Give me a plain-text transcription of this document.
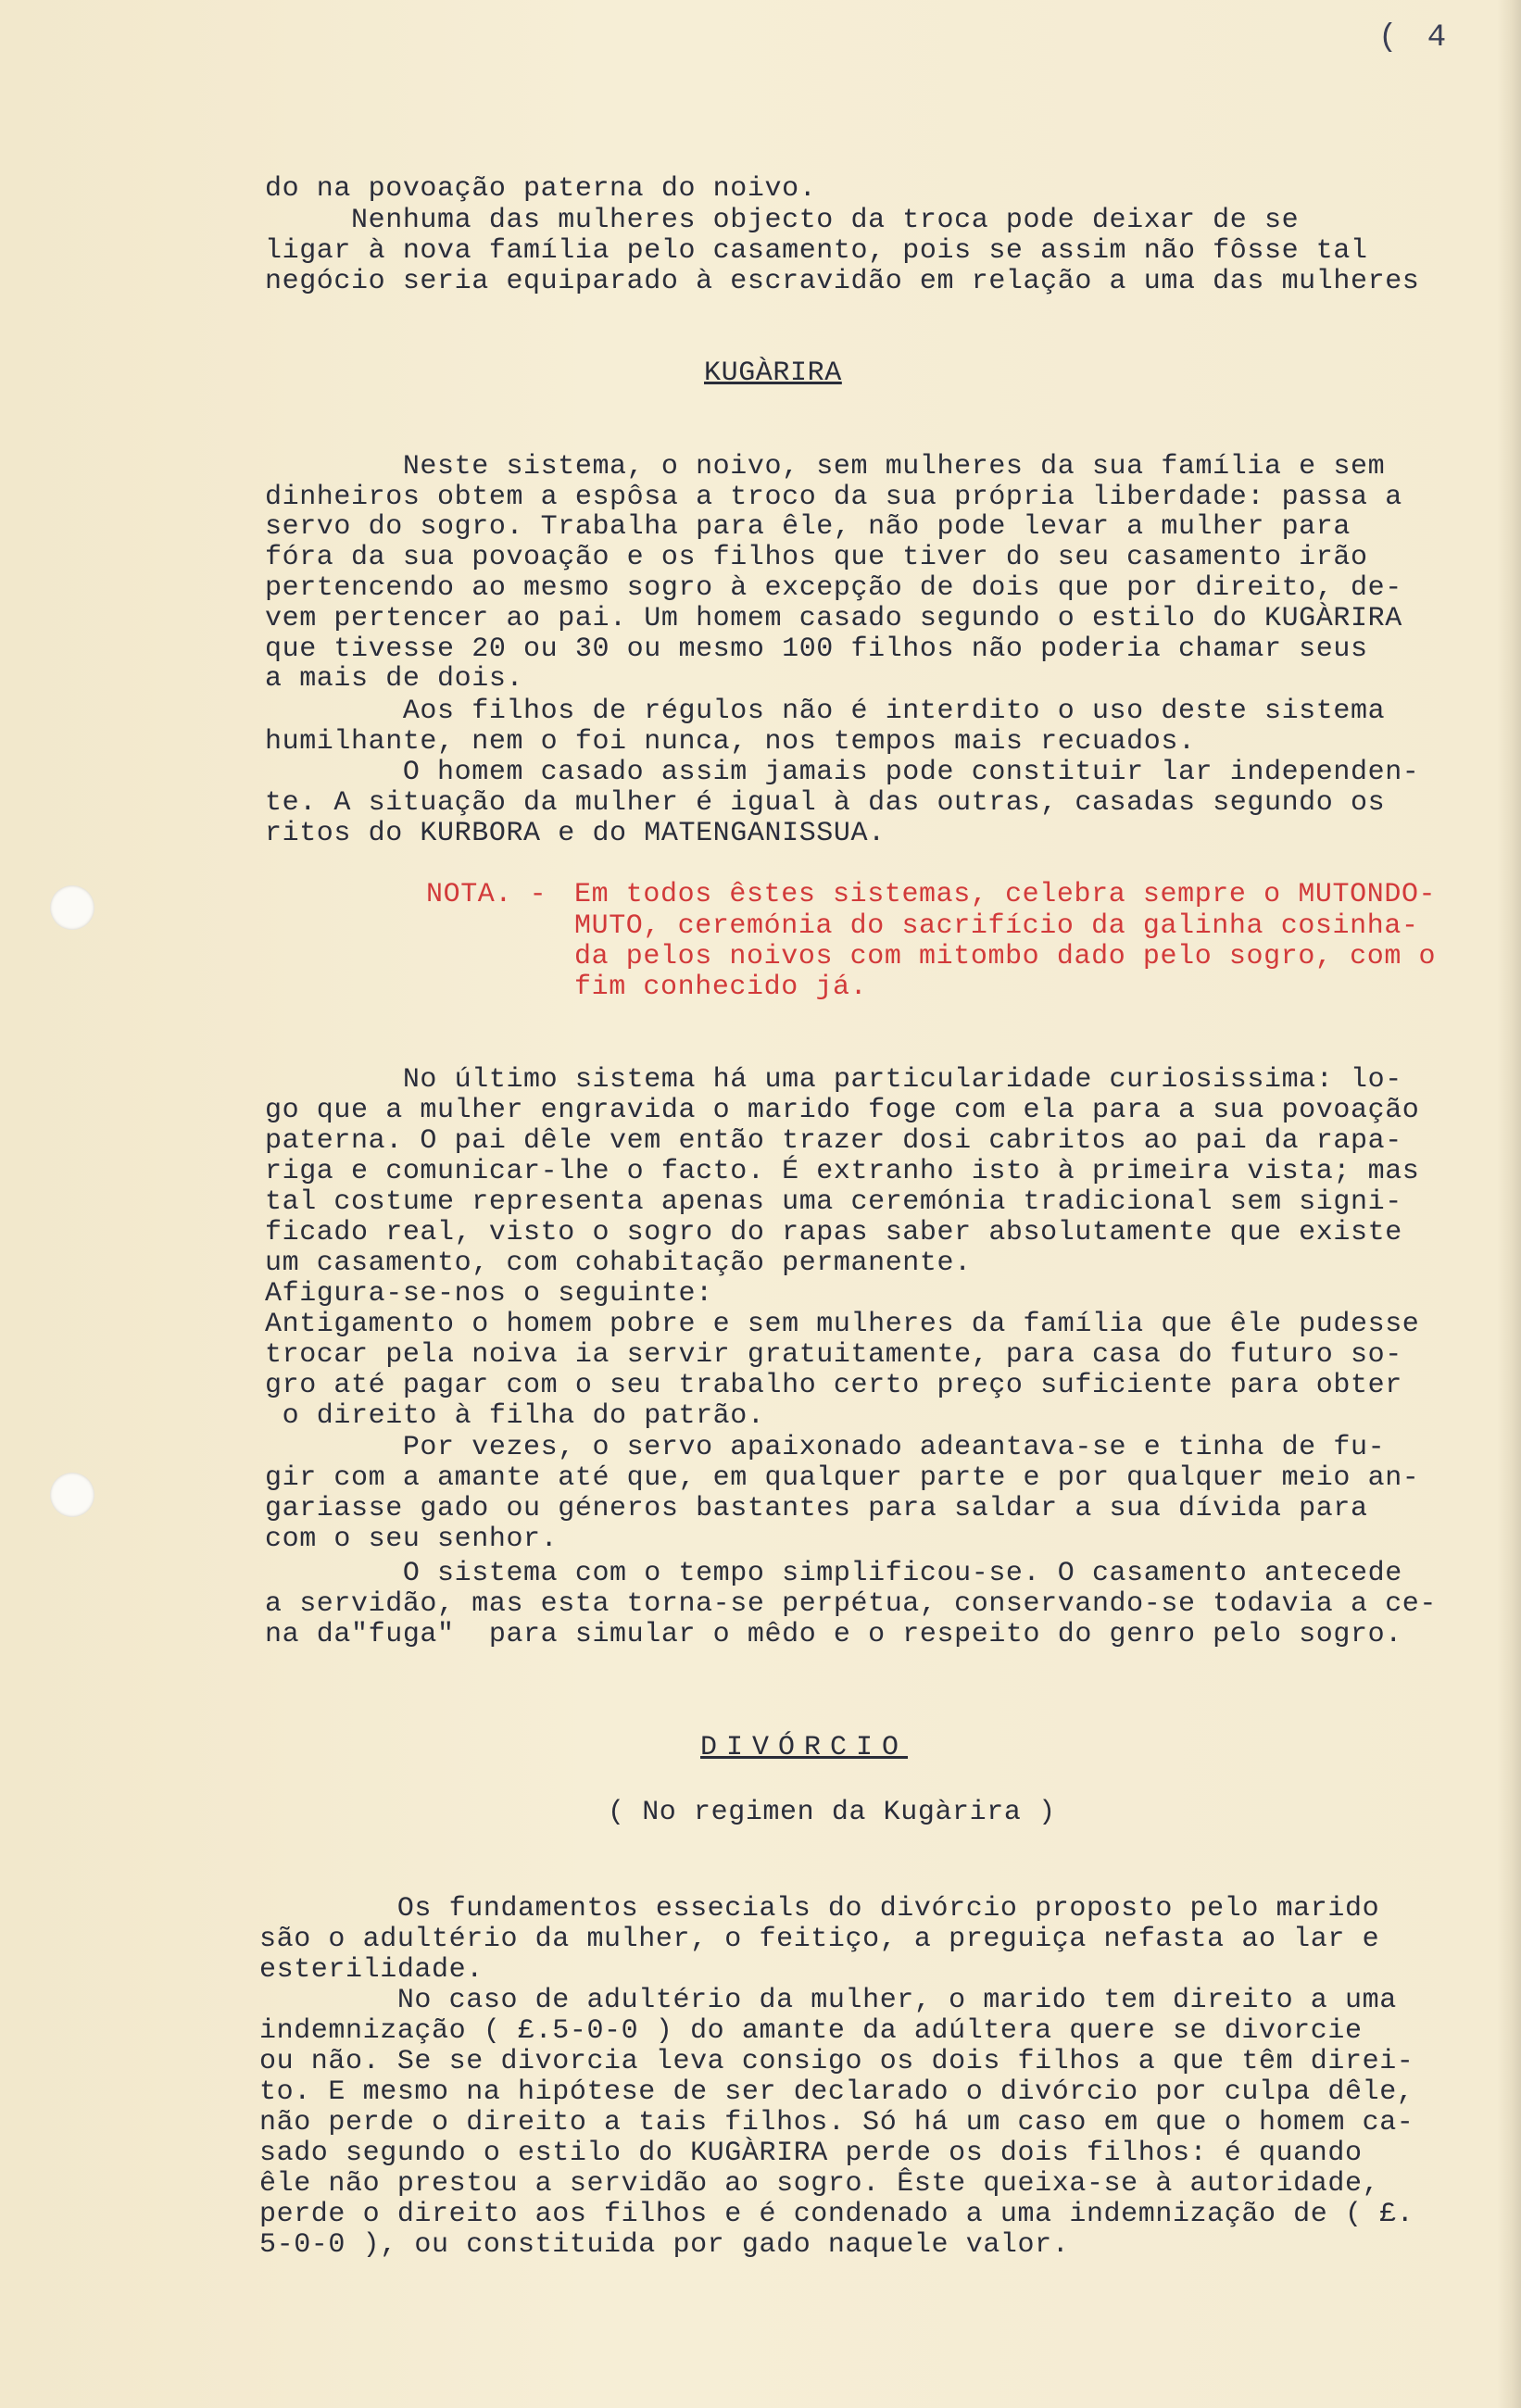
( 4
do na povoação paterna do noivo.
Nenhuma das mulheres objecto da troca pode deixar de se
ligar à nova família pelo casamento, pois se assim não fôsse tal
negócio seria equiparado à escravidão em relação a uma das mulheres
KUGÀRIRA
Neste sistema, o noivo, sem mulheres da sua família e sem
dinheiros obtem a espôsa a troco da sua própria liberdade: passa a
servo do sogro. Trabalha para êle, não pode levar a mulher para
fóra da sua povoação e os filhos que tiver do seu casamento irão
pertencendo ao mesmo sogro à excepção de dois que por direito, de-
vem pertencer ao pai. Um homem casado segundo o estilo do KUGÀRIRA
que tivesse 20 ou 30 ou mesmo 100 filhos não poderia chamar seus
a mais de dois.
Aos filhos de régulos não é interdito o uso deste sistema
humilhante, nem o foi nunca, nos tempos mais recuados.
O homem casado assim jamais pode constituir lar independen-
te. A situação da mulher é igual à das outras, casadas segundo os
ritos do KURBORA e do MATENGANISSUA.
NOTA. - Em todos êstes sistemas, celebra sempre o MUTONDO-
MUTO, ceremónia do sacrifício da galinha cosinha-
da pelos noivos com mitombo dado pelo sogro, com o
fim conhecido já.
No último sistema há uma particularidade curiosissima: lo-
go que a mulher engravida o marido foge com ela para a sua povoação
paterna. O pai dêle vem então trazer dosi cabritos ao pai da rapa-
riga e comunicar-lhe o facto. É extranho isto à primeira vista; mas
tal costume representa apenas uma ceremónia tradicional sem signi-
ficado real, visto o sogro do rapas saber absolutamente que existe
um casamento, com cohabitação permanente.
Afigura-se-nos o seguinte:
Antigamento o homem pobre e sem mulheres da família que êle pudesse
trocar pela noiva ia servir gratuitamente, para casa do futuro so-
gro até pagar com o seu trabalho certo preço suficiente para obter
o direito à filha do patrão.
Por vezes, o servo apaixonado adeantava-se e tinha de fu-
gir com a amante até que, em qualquer parte e por qualquer meio an-
gariasse gado ou géneros bastantes para saldar a sua dívida para
com o seu senhor.
O sistema com o tempo simplificou-se. O casamento antecede
a servidão, mas esta torna-se perpétua, conservando-se todavia a ce-
na da"fuga"  para simular o mêdo e o respeito do genro pelo sogro.
DIVÓRCIO
( No regimen da Kugàrira )
Os fundamentos essecials do divórcio proposto pelo marido
são o adultério da mulher, o feitiço, a preguiça nefasta ao lar e
esterilidade.
No caso de adultério da mulher, o marido tem direito a uma
indemnização ( £.5-0-0 ) do amante da adúltera quere se divorcie
ou não. Se se divorcia leva consigo os dois filhos a que têm direi-
to. E mesmo na hipótese de ser declarado o divórcio por culpa dêle,
não perde o direito a tais filhos. Só há um caso em que o homem ca-
sado segundo o estilo do KUGÀRIRA perde os dois filhos: é quando
êle não prestou a servidão ao sogro. Êste queixa-se à autoridade,
perde o direito aos filhos e é condenado a uma indemnização de ( £.
5-0-0 ), ou constituida por gado naquele valor.
